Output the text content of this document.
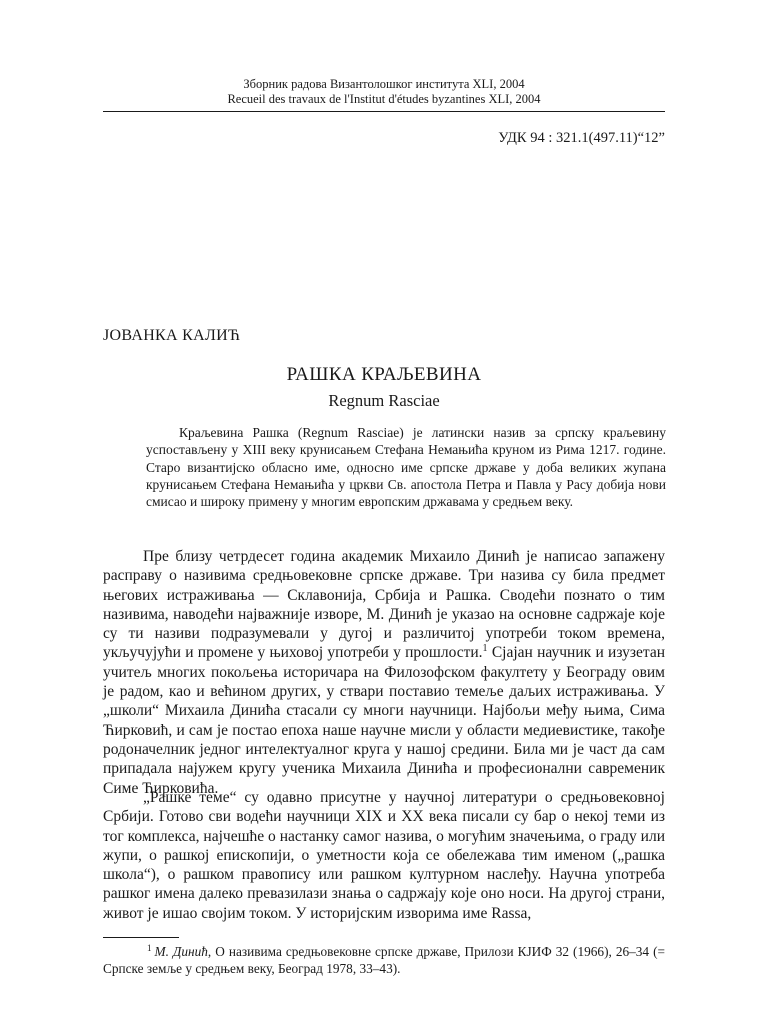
Зборник радова Византолошког института XLI, 2004
Recueil des travaux de l'Institut d'études byzantines XLI, 2004
УДК 94 : 321.1(497.11)“12”
ЈОВАНКА КАЛИЋ
РАШКА КРАЉЕВИНА
Regnum Rasciae

Краљевина Рашка (Regnum Rasciae) је латински назив за српску краљевину успостављену у XIII веку крунисањем Стефана Немањића круном из Рима 1217. године. Старо византијско обласно име, односно име српске државе у доба великих жупана крунисањем Стефана Немањића у цркви Св. апостола Петра и Павла у Расу добија нови смисао и широку примену у многим европским државама у средњем веку.

Пре близу четрдесет година академик Михаило Динић је написао запажену расправу о називима средњовековне српске државе. Три назива су била предмет његових истраживања — Склавонија, Србија и Рашка. Сводећи познато о тим називима, наводећи најважније изворе, М. Динић је указао на основне садржаје које су ти називи подразумевали у дугој и различитој употреби током времена, укључујући и промене у њиховој употреби у прошлости.$^1$ Сјајан научник и изузетан учитељ многих покољења историчара на Филозофском факултету у Београду овим је радом, као и већином других, у ствари поставио темеље даљих истраживања. У „школи“ Михаила Динића стасали су многи научници. Најбољи међу њима, Сима Ћирковић, и сам је постао епоха наше научне мисли у области медиевистике, такође родоначелник једног интелектуалног круга у нашој средини. Била ми је част да сам припадала најужем кругу ученика Михаила Динића и професионални савременик Симе Ћирковића.

„Рашке теме“ су одавно присутне у научној литератури о средњовековној Србији. Готово сви водећи научници XIX и XX века писали су бар о некој теми из тог комплекса, најчешће о настанку самог назива, о могућим значењима, о граду или жупи, о рашкој епископији, о уметности која се обележава тим именом („рашка школа“), о рашком правопису или рашком културном наслеђу. Научна употреба рашког имена далеко превазилази знања о садржају које оно носи. На другој страни, живот је ишао својим током. У историјским изворима име Rassa,

$^1$ М. Динић, О називима средњовековне српске државе, Прилози КЈИФ 32 (1966), 26–34 (= Српске земље у средњем веку, Београд 1978, 33–43).
